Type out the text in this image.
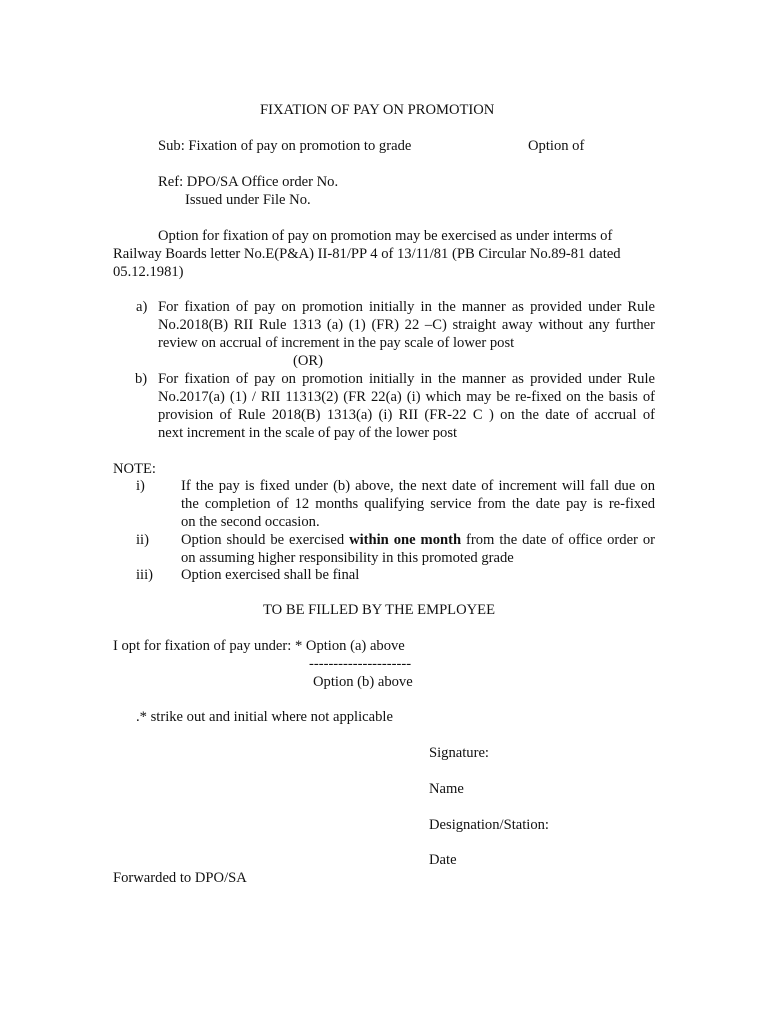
FIXATION OF PAY ON PROMOTION
Sub: Fixation of pay on promotion to grade	Option of
Ref: DPO/SA Office order No.
Issued under File No.
Option for fixation of pay on promotion may be exercised as under interms of
Railway Boards letter No.E(P&A) II-81/PP 4 of 13/11/81 (PB Circular No.89-81 dated
05.12.1981)
a) For fixation of pay on promotion initially in the manner as provided under Rule
No.2018(B) RII Rule 1313 (a) (1) (FR) 22 –C) straight away without any further
review on accrual of increment in the pay scale of lower post
(OR)
b) For fixation of pay on promotion initially in the manner as provided under Rule
No.2017(a) (1) / RII 11313(2) (FR 22(a) (i) which may be re-fixed on the basis of
provision of Rule 2018(B) 1313(a) (i) RII (FR-22 C ) on the date of accrual of
next increment in the scale of pay of the lower post
NOTE:
i) If the pay is fixed under (b) above, the next date of increment will fall due on
the completion of 12 months qualifying service from the date pay is re-fixed
on the second occasion.
ii) Option should be exercised within one month from the date of office order or
on assuming higher responsibility in this promoted grade
iii) Option exercised shall be final
TO BE FILLED BY THE EMPLOYEE
I opt for fixation of pay under: * Option (a) above
---------------------
Option (b) above
.* strike out and initial where not applicable
Signature:
Name
Designation/Station:
Date
Forwarded to DPO/SA
